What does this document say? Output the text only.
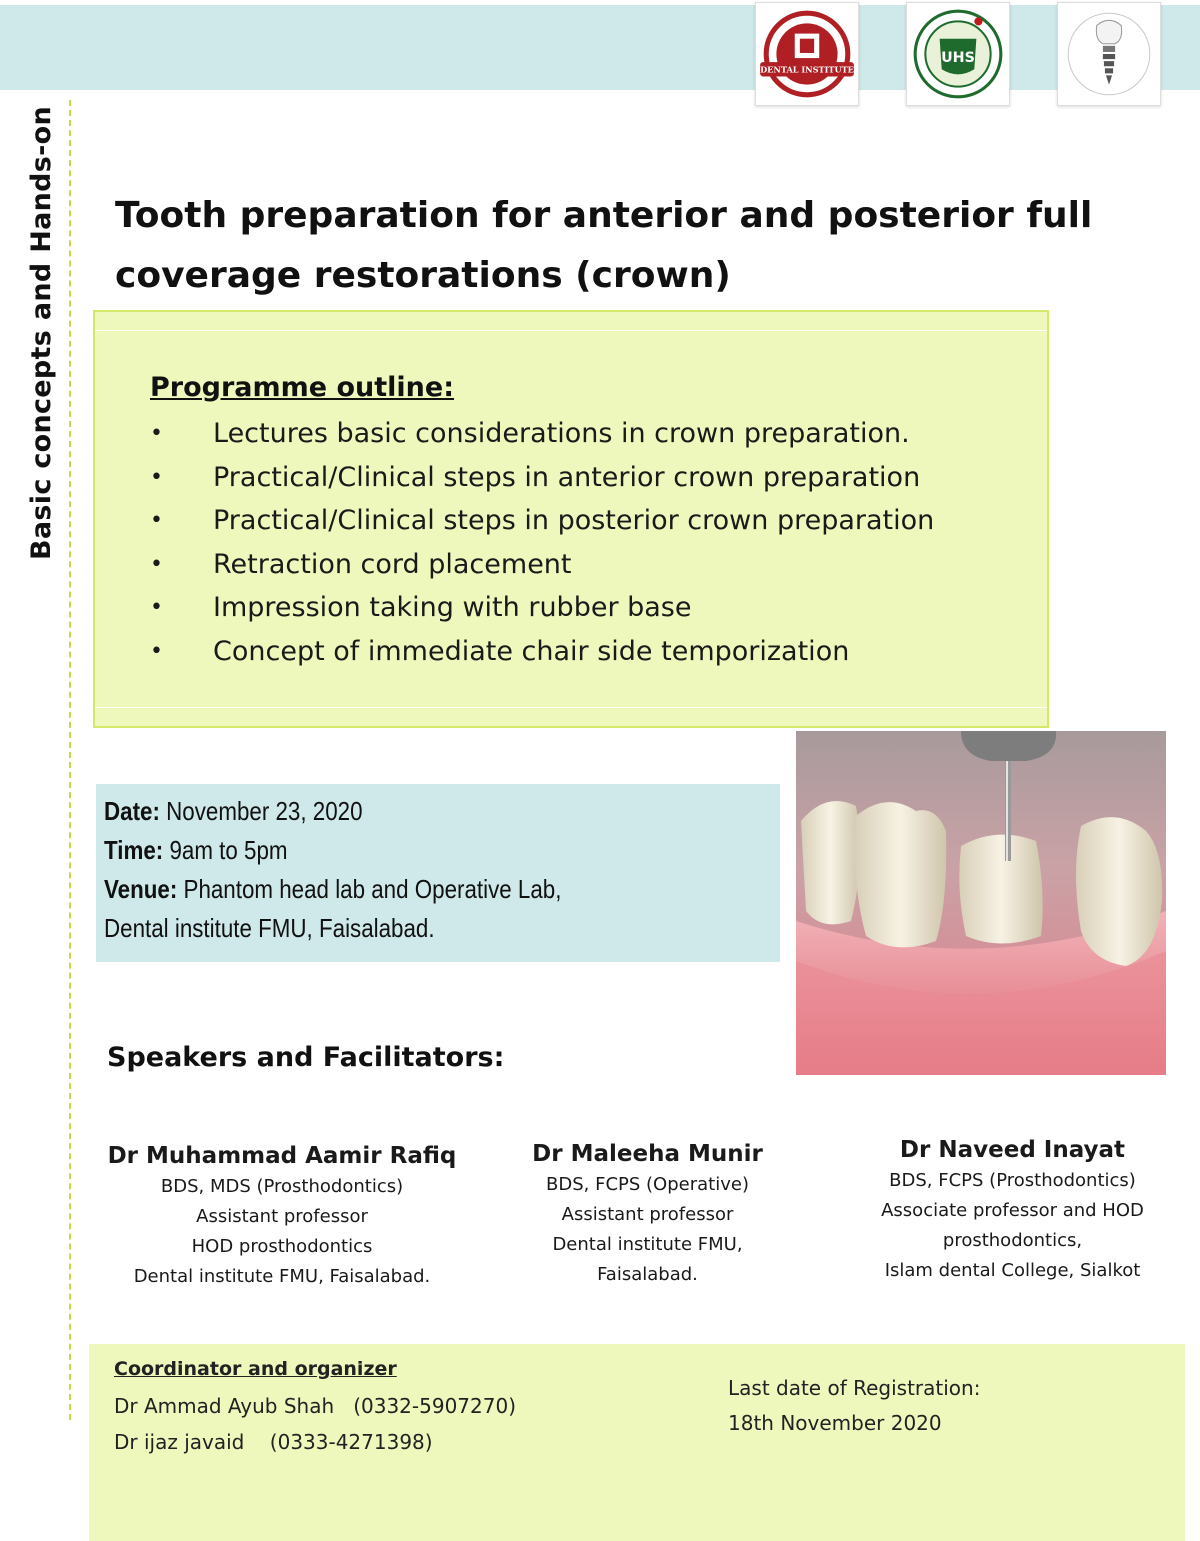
DENTAL INSTITUTE
UHS
Basic concepts and Hands-on Tooth preparation for anterior and posterior full coverage restorations (crown)
Programme outline:
• Lectures basic considerations in crown preparation.
• Practical/Clinical steps in anterior crown preparation
• Practical/Clinical steps in posterior crown preparation
• Retraction cord placement
• Impression taking with rubber base
• Concept of immediate chair side temporization
Date: November 23, 2020
Time: 9am to 5pm
Venue: Phantom head lab and Operative Lab,
Dental institute FMU, Faisalabad.
Speakers and Facilitators:
Dr Muhammad Aamir Rafiq
BDS, MDS (Prosthodontics)
Assistant professor
HOD prosthodontics
Dental institute FMU, Faisalabad.
Dr Maleeha Munir
BDS, FCPS (Operative)
Assistant professor
Dental institute FMU,
Faisalabad.
Dr Naveed Inayat
BDS, FCPS (Prosthodontics)
Associate professor and HOD
prosthodontics,
Islam dental College, Sialkot
Coordinator and organizer
Dr Ammad Ayub Shah   (0332-5907270)
Dr ijaz javaid    (0333-4271398)
Last date of Registration:
18th November 2020
